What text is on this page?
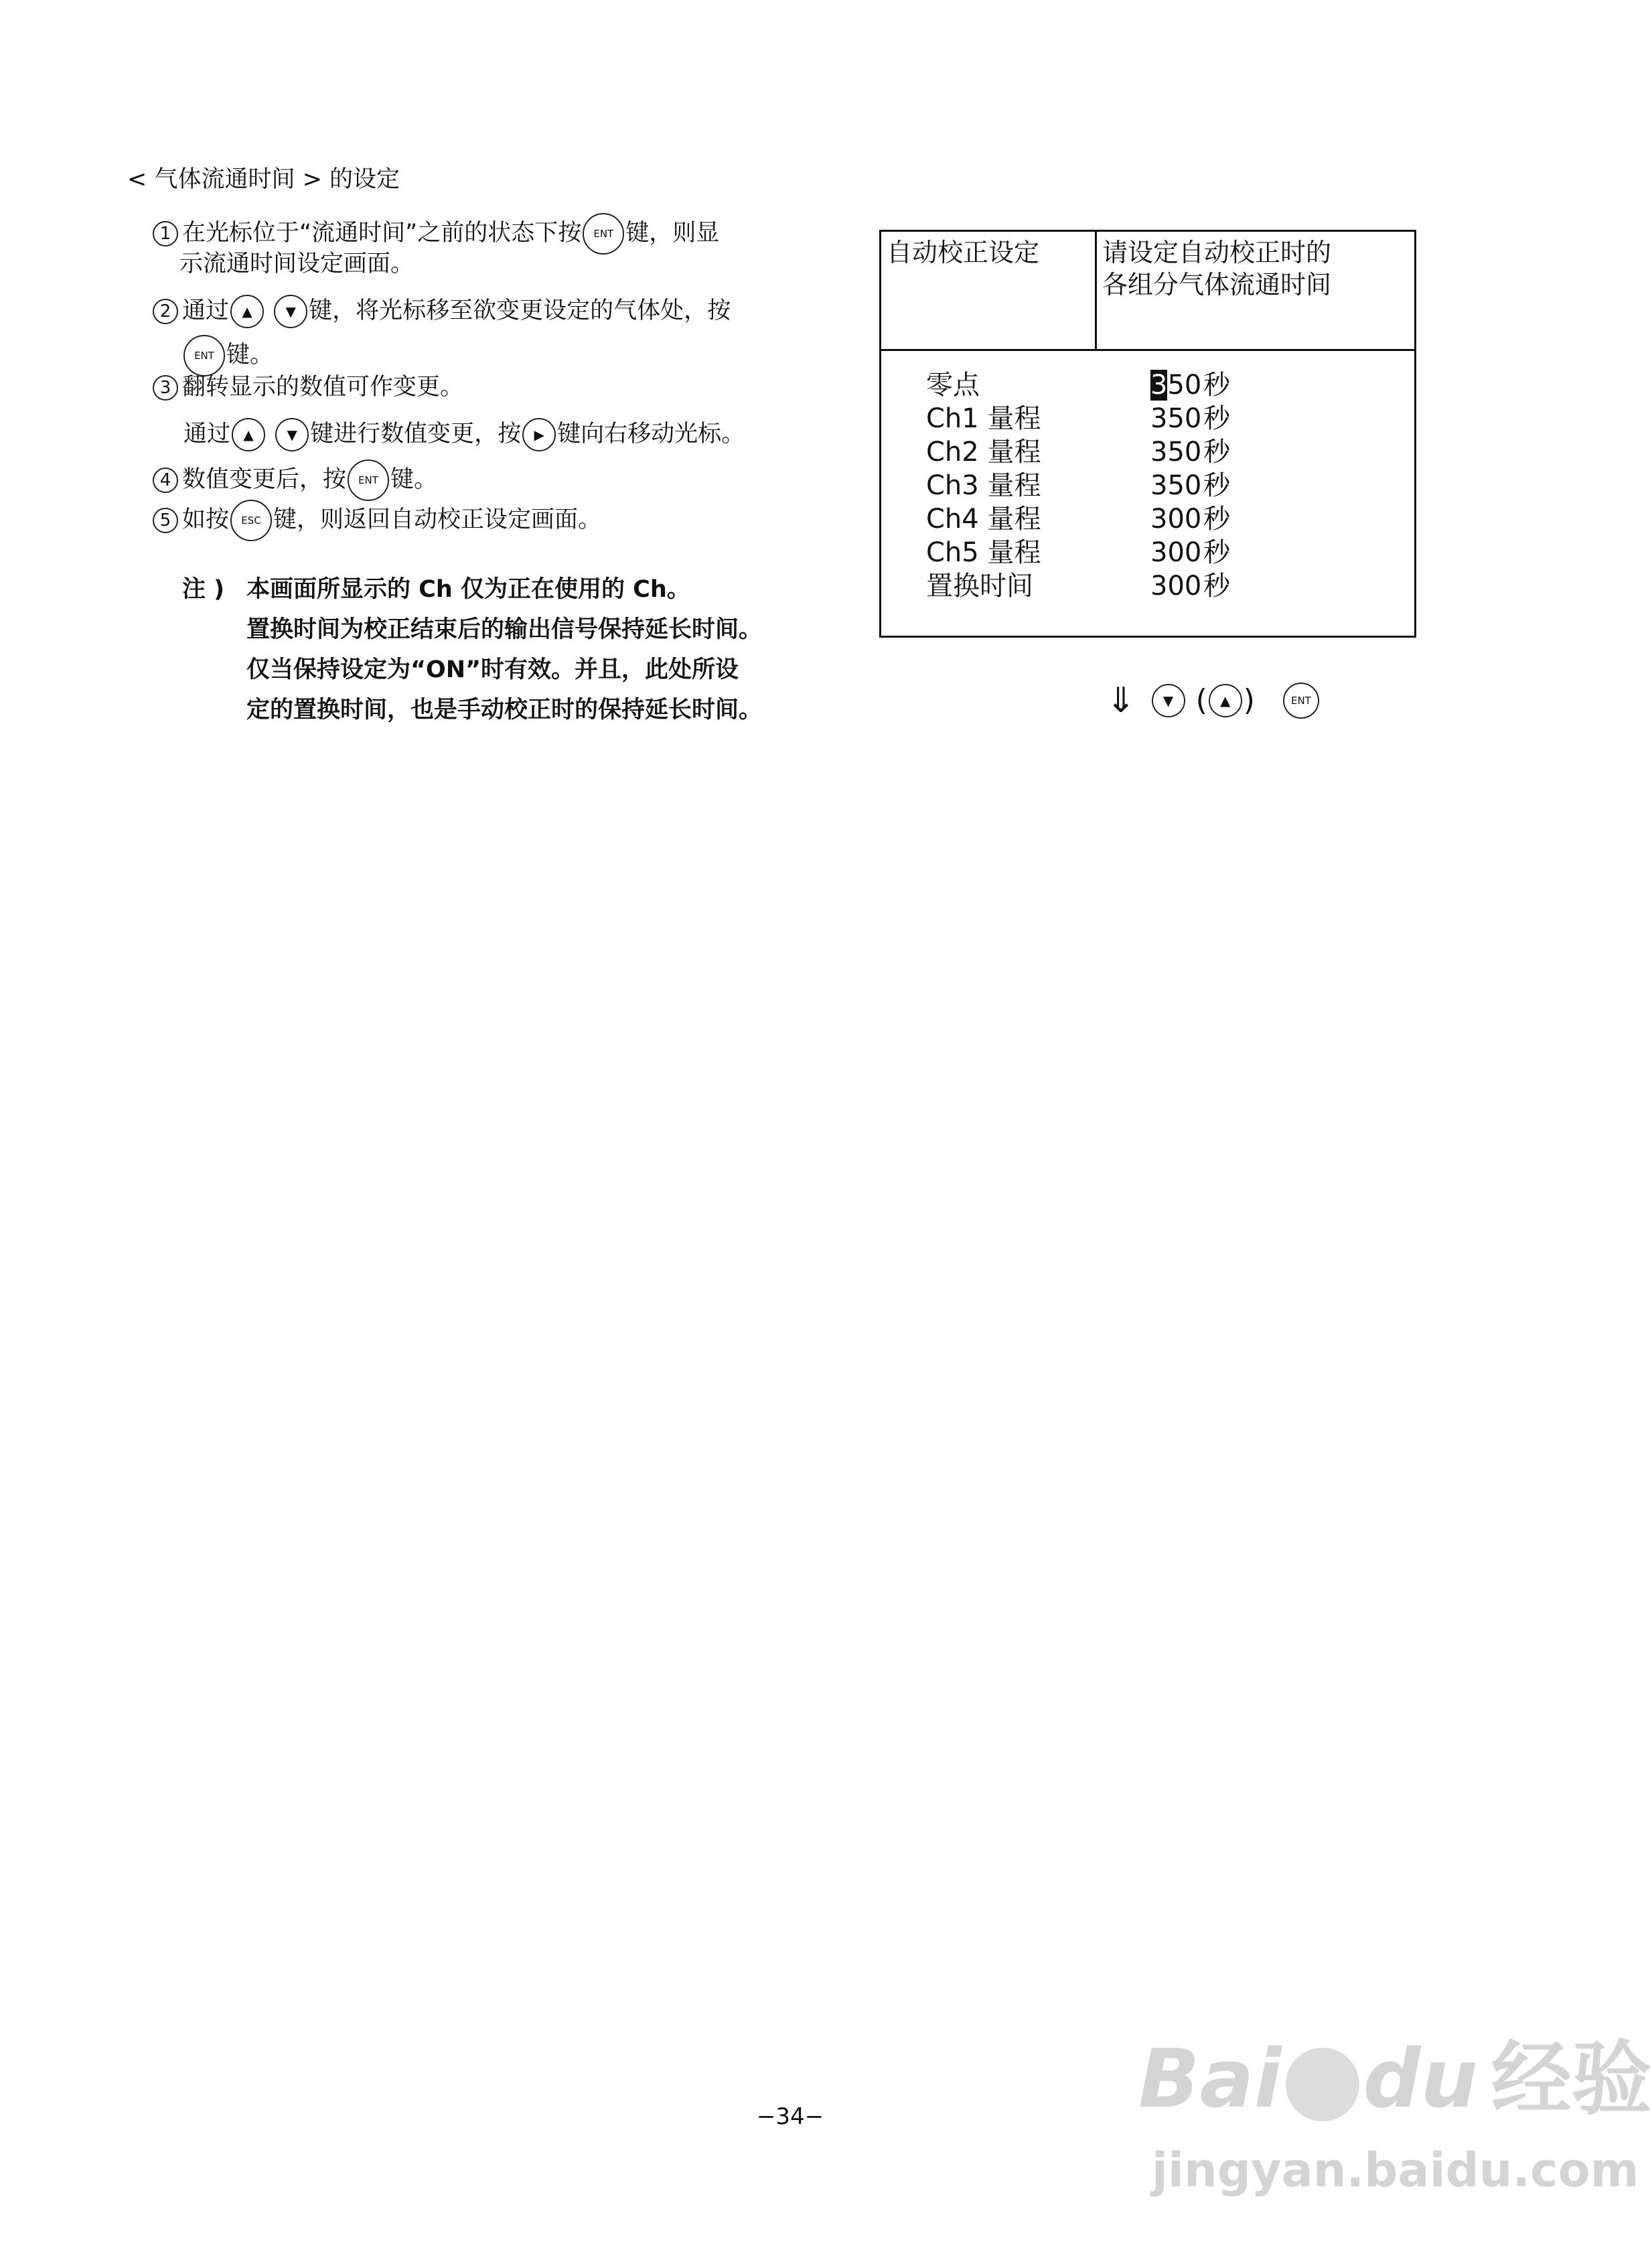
< 气体流通时间 > 的设定
1 在光标位于“流通时间”之前的状态下按 ENT 键，则显
示流通时间设定画面。
2 通过 ▲ ▼ 键，将光标移至欲变更设定的气体处，按
ENT 键。
3 翻转显示的数值可作变更。
通过 ▲ ▼ 键进行数值变更，按 ▶ 键向右移动光标。
4 数值变更后，按 ENT 键。
5 如按 ESC 键，则返回自动校正设定画面。
注 ) 本画面所显示的 Ch 仅为正在使用的 Ch。
置换时间为校正结束后的输出信号保持延长时间。
仅当保持设定为“ON”时有效。并且，此处所设
定的置换时间，也是手动校正时的保持延长时间。
自动校正设定 请设定自动校正时的
各组分气体流通时间
零点	350 秒
Ch1 量程	350 秒
Ch2 量程	350 秒
Ch3 量程	350 秒
Ch4 量程	300 秒
Ch5 量程	300 秒
置换时间	300 秒
⇓ ▼ ( ▲ )	ENT
−34−	Bai du 经验
jingyan.baidu.com
